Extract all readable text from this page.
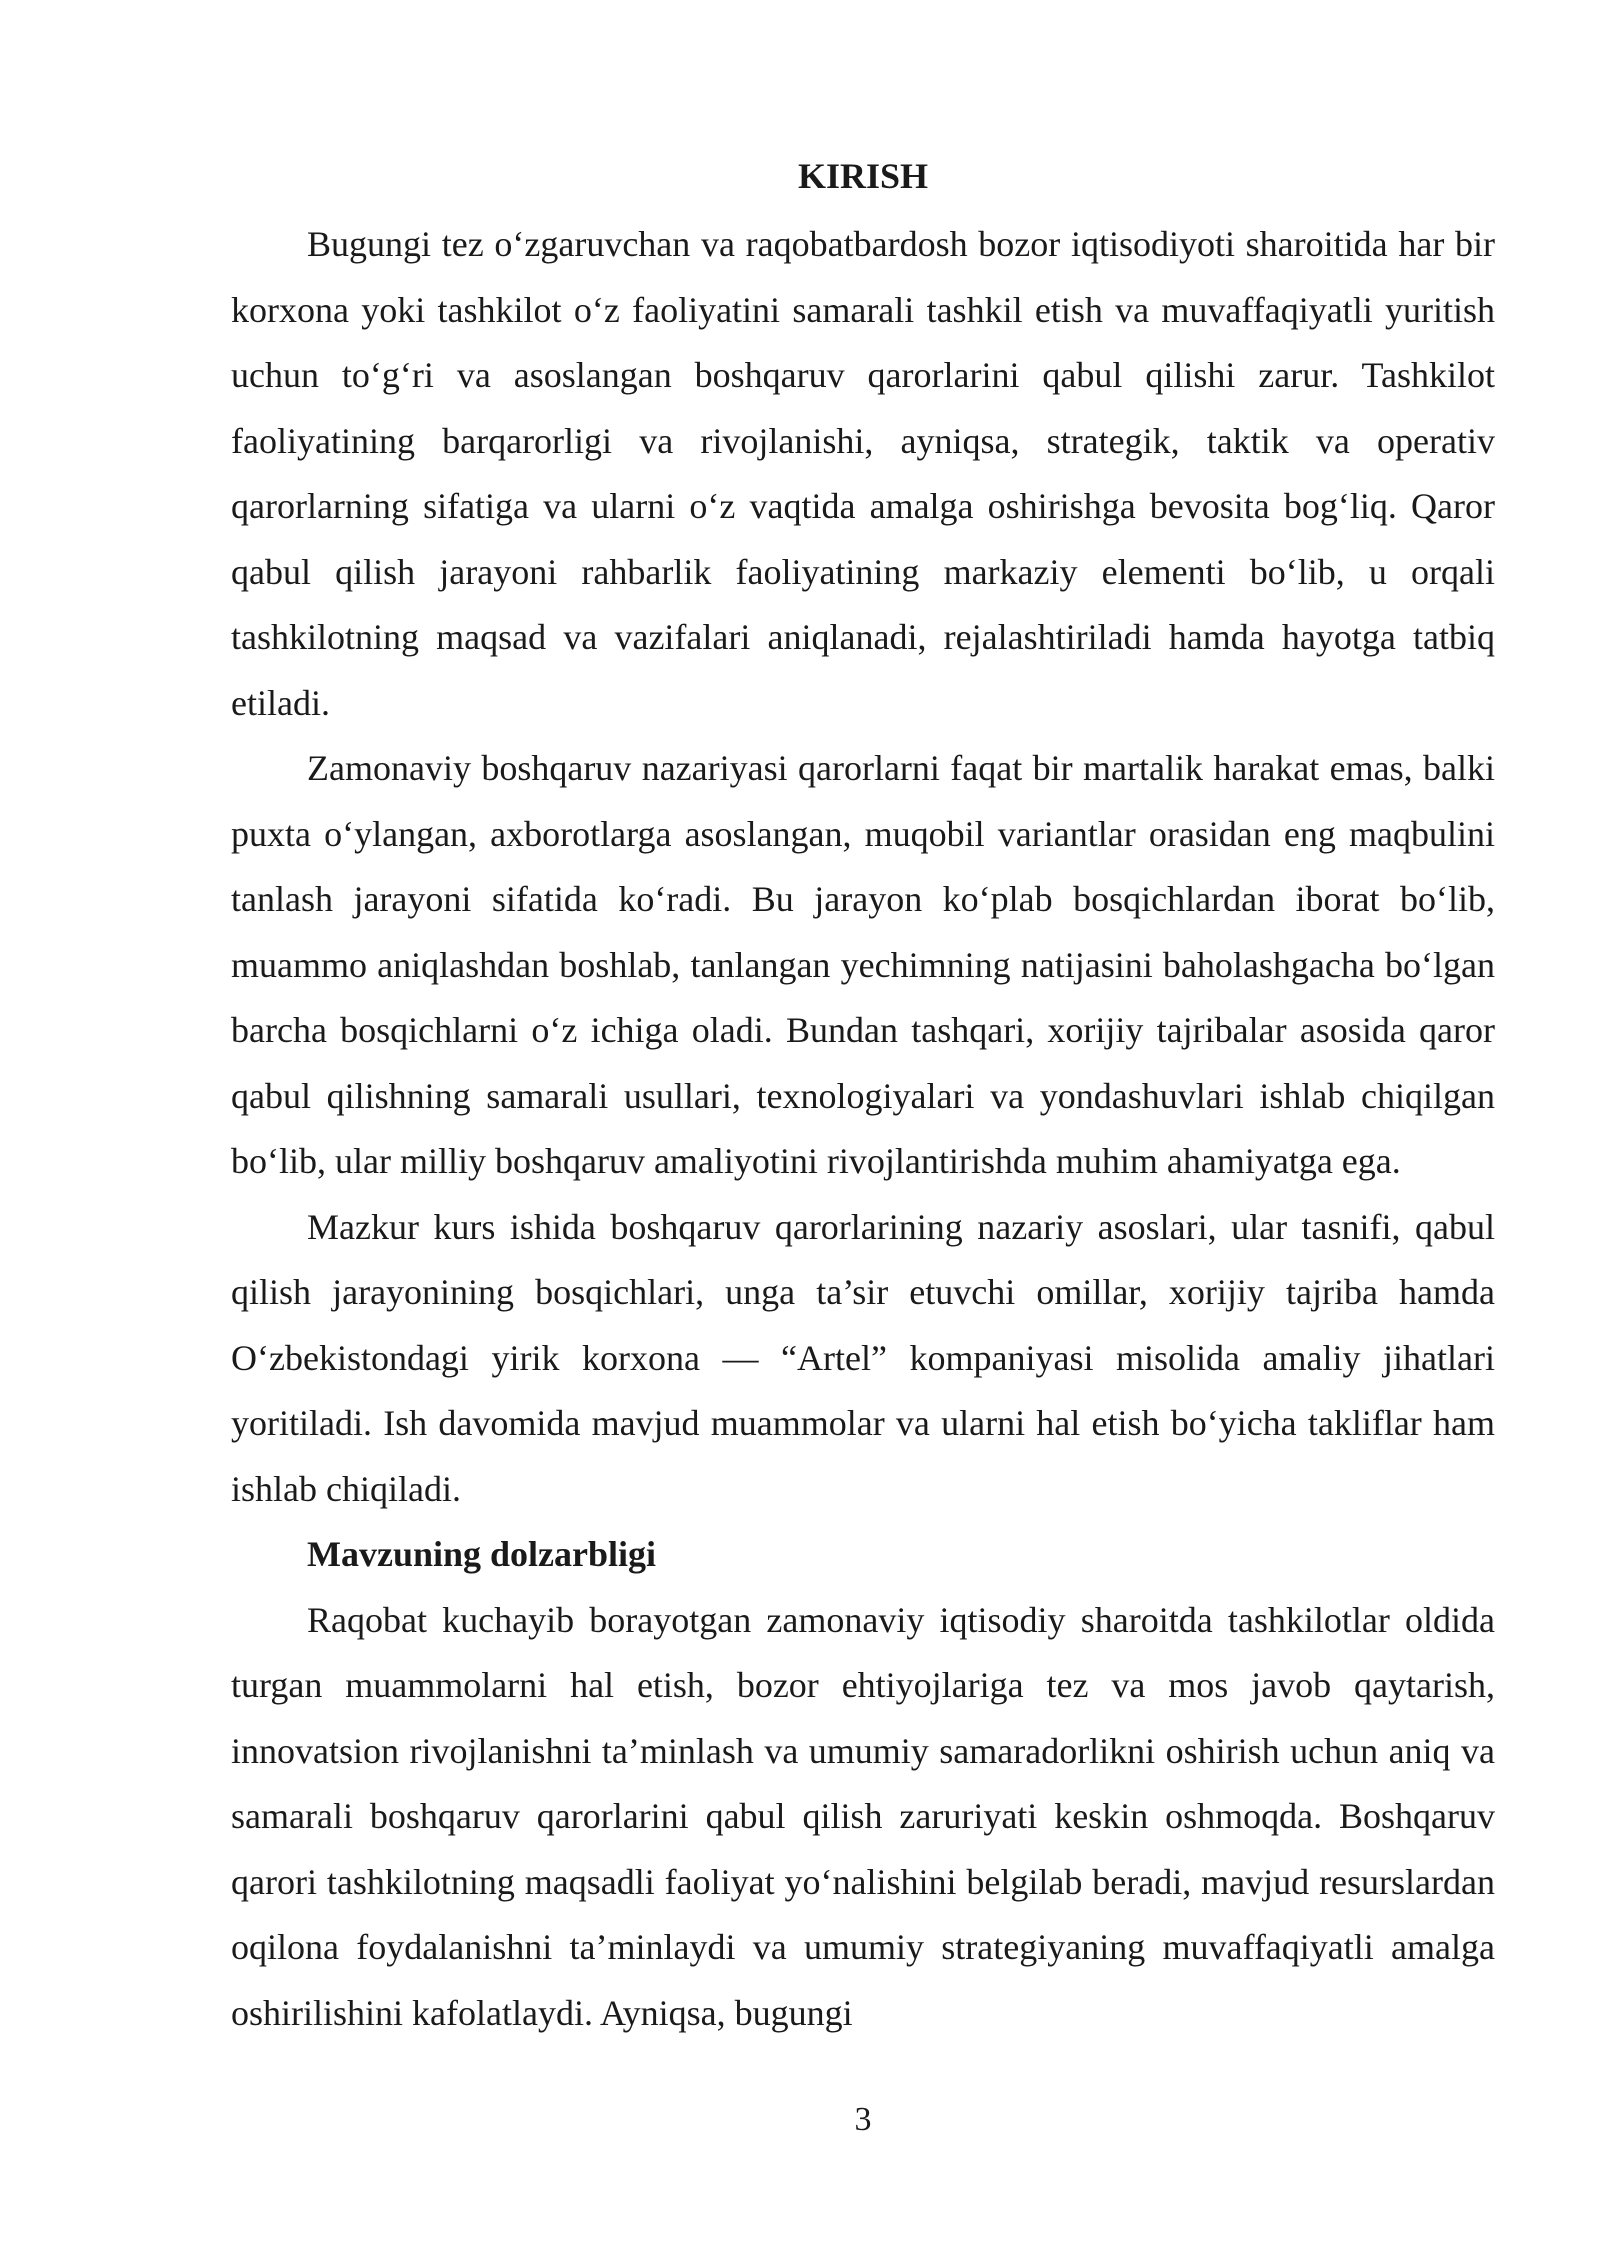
KIRISH

Bugungi tez o‘zgaruvchan va raqobatbardosh bozor iqtisodiyoti sharoitida har bir korxona yoki tashkilot o‘z faoliyatini samarali tashkil etish va muvaffaqiyatli yuritish uchun to‘g‘ri va asoslangan boshqaruv qarorlarini qabul qilishi zarur. Tashkilot faoliyatining barqarorligi va rivojlanishi, ayniqsa, strategik, taktik va operativ qarorlarning sifatiga va ularni o‘z vaqtida amalga oshirishga bevosita bog‘liq. Qaror qabul qilish jarayoni rahbarlik faoliyatining markaziy elementi bo‘lib, u orqali tashkilotning maqsad va vazifalari aniqlanadi, rejalashtiriladi hamda hayotga tatbiq etiladi.

Zamonaviy boshqaruv nazariyasi qarorlarni faqat bir martalik harakat emas, balki puxta o‘ylangan, axborotlarga asoslangan, muqobil variantlar orasidan eng maqbulini tanlash jarayoni sifatida ko‘radi. Bu jarayon ko‘plab bosqichlardan iborat bo‘lib, muammo aniqlashdan boshlab, tanlangan yechimning natijasini baholashgacha bo‘lgan barcha bosqichlarni o‘z ichiga oladi. Bundan tashqari, xorijiy tajribalar asosida qaror qabul qilishning samarali usullari, texnologiyalari va yondashuvlari ishlab chiqilgan bo‘lib, ular milliy boshqaruv amaliyotini rivojlantirishda muhim ahamiyatga ega.

Mazkur kurs ishida boshqaruv qarorlarining nazariy asoslari, ular tasnifi, qabul qilish jarayonining bosqichlari, unga ta’sir etuvchi omillar, xorijiy tajriba hamda O‘zbekistondagi yirik korxona — “Artel” kompaniyasi misolida amaliy jihatlari yoritiladi. Ish davomida mavjud muammolar va ularni hal etish bo‘yicha takliflar ham ishlab chiqiladi.

Mavzuning dolzarbligi

Raqobat kuchayib borayotgan zamonaviy iqtisodiy sharoitda tashkilotlar oldida turgan muammolarni hal etish, bozor ehtiyojlariga tez va mos javob qaytarish, innovatsion rivojlanishni ta’minlash va umumiy samaradorlikni oshirish uchun aniq va samarali boshqaruv qarorlarini qabul qilish zaruriyati keskin oshmoqda. Boshqaruv qarori tashkilotning maqsadli faoliyat yo‘nalishini belgilab beradi, mavjud resurslardan oqilona foydalanishni ta’minlaydi va umumiy strategiyaning muvaffaqiyatli amalga oshirilishini kafolatlaydi. Ayniqsa, bugungi

3
